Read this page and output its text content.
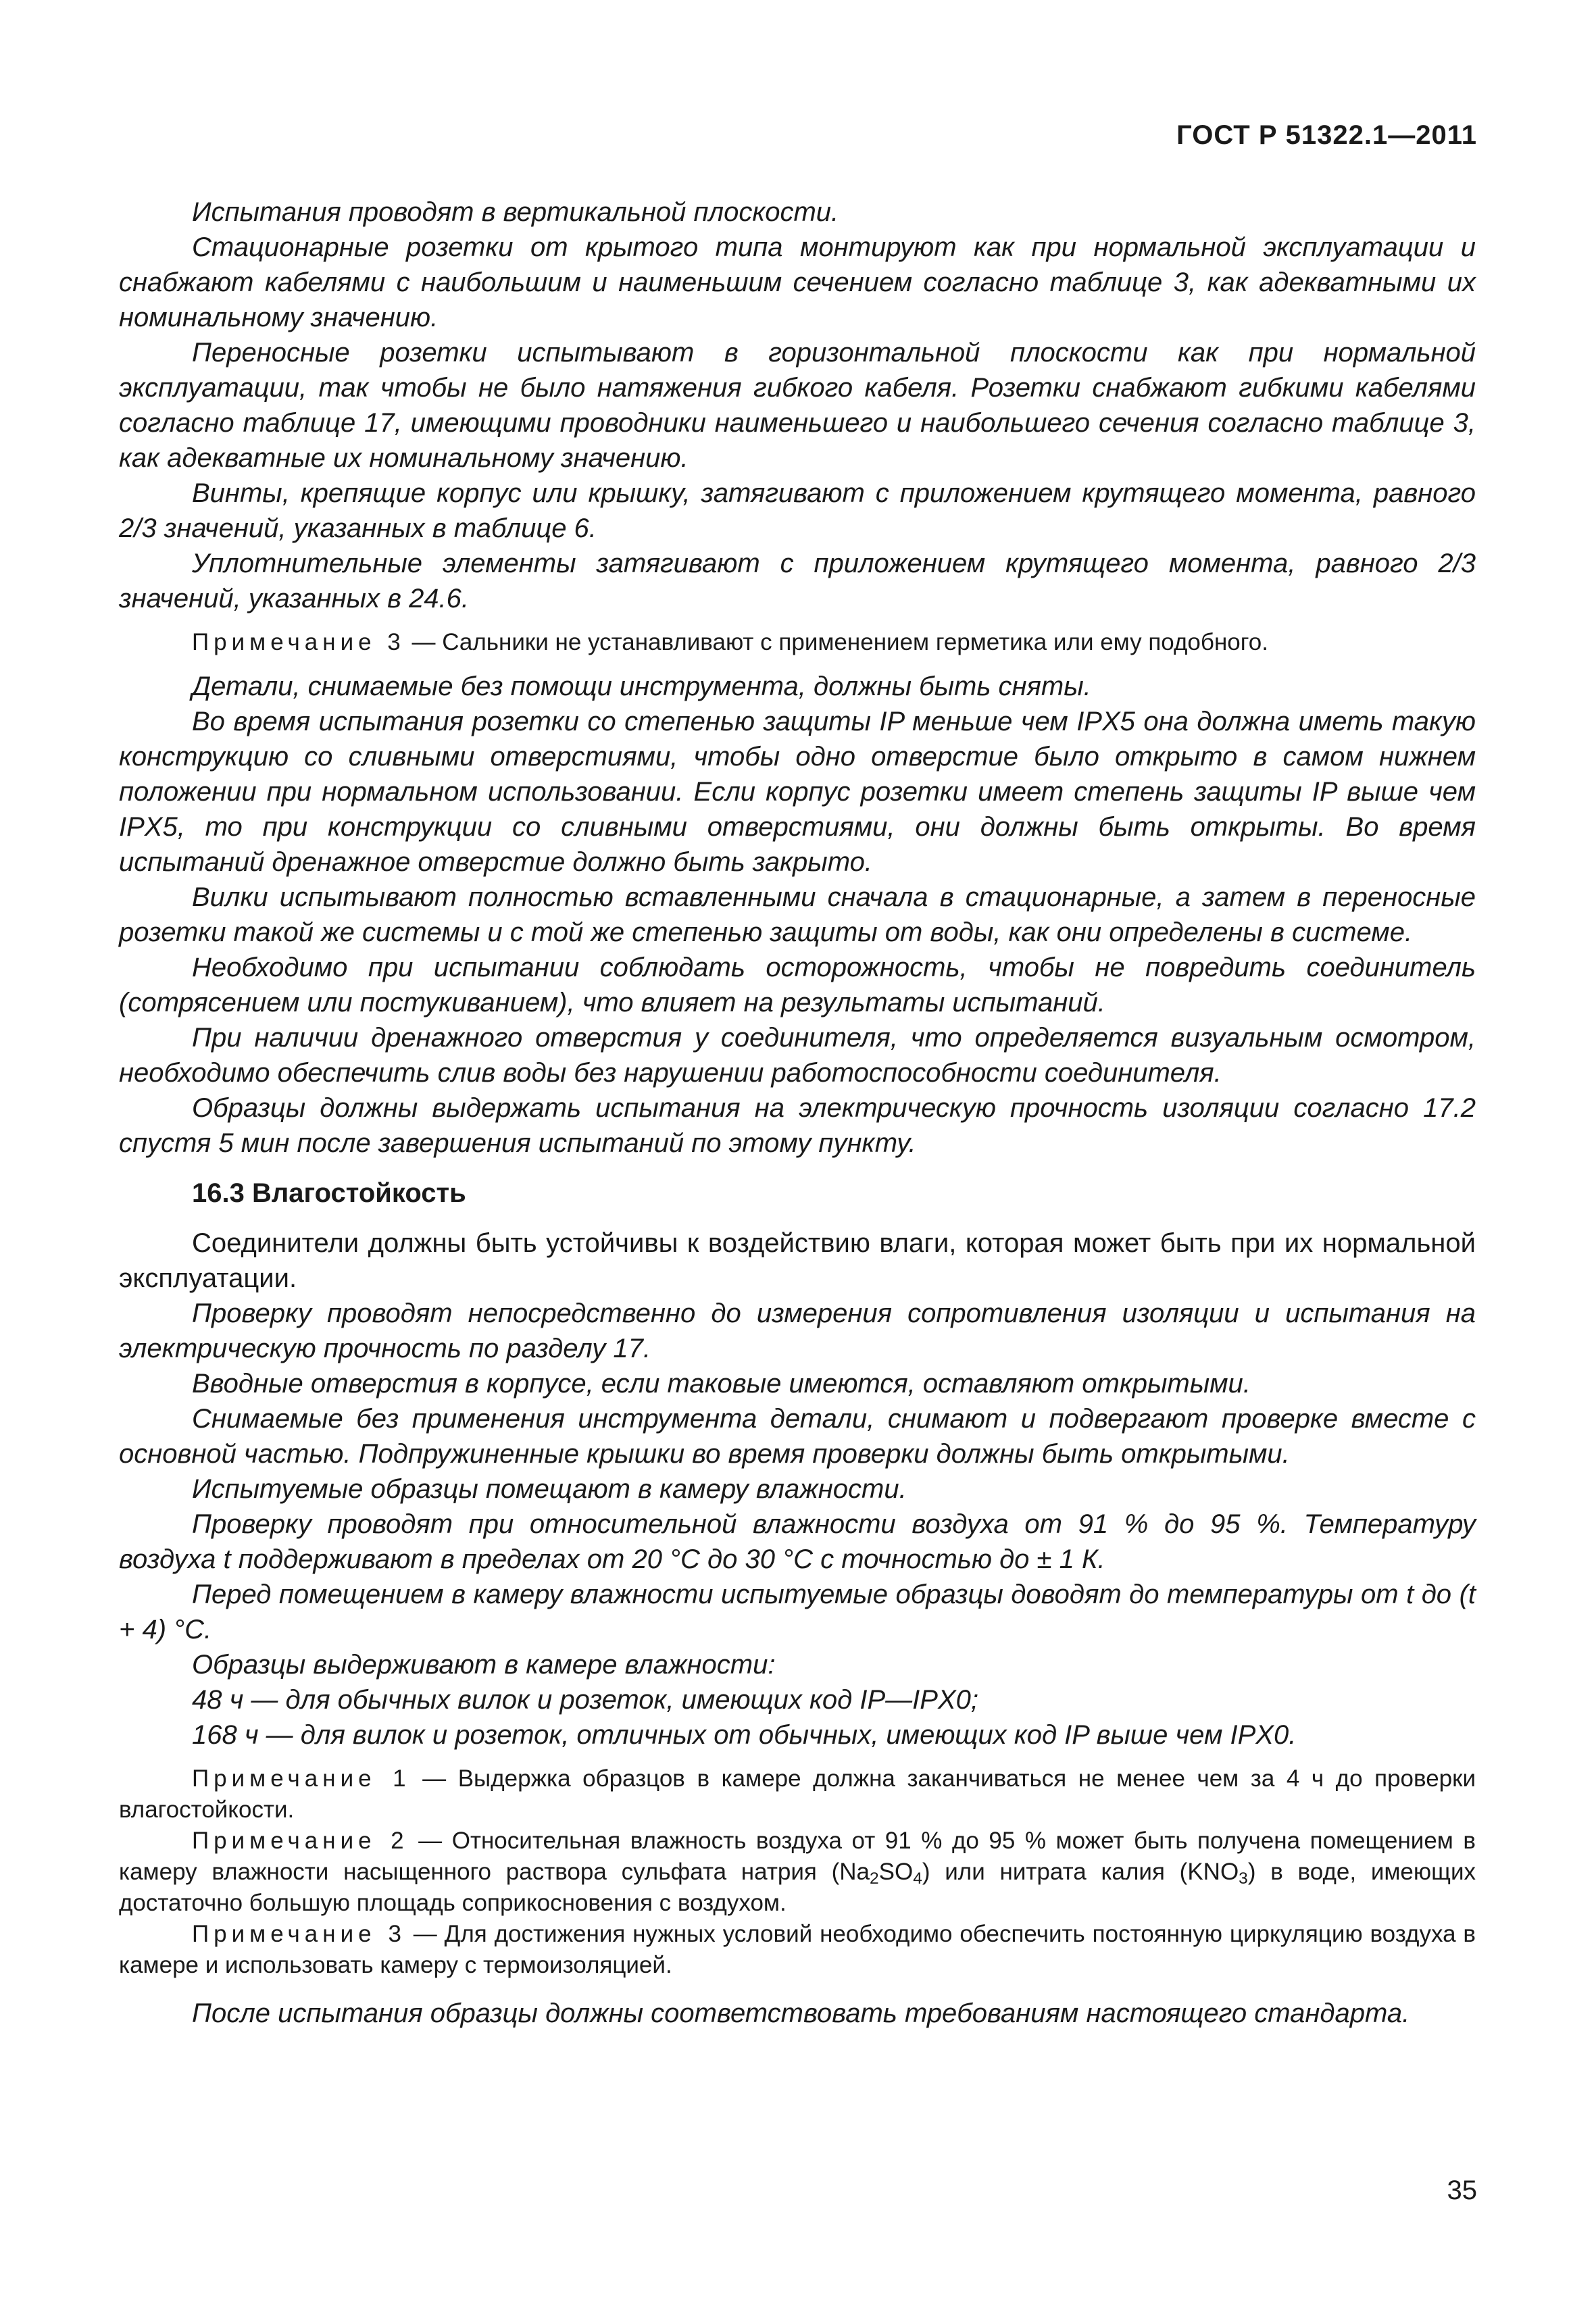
ГОСТ Р 51322.1—2011

Испытания проводят в вертикальной плоскости.

Стационарные розетки от крытого типа монтируют как при нормальной эксплуатации и снабжают кабелями с наибольшим и наименьшим сечением согласно таблице 3, как адекватными их номинальному значению.

Переносные розетки испытывают в горизонтальной плоскости как при нормальной эксплуатации, так чтобы не было натяжения гибкого кабеля. Розетки снабжают гибкими кабелями согласно таблице 17, имеющими проводники наименьшего и наибольшего сечения согласно таблице 3, как адекватные их номинальному значению.

Винты, крепящие корпус или крышку, затягивают с приложением крутящего момента, равного 2/3 значений, указанных в таблице 6.

Уплотнительные элементы затягивают с приложением крутящего момента, равного 2/3 значений, указанных в 24.6.

Примечание 3 — Сальники не устанавливают с применением герметика или ему подобного.

Детали, снимаемые без помощи инструмента, должны быть сняты.

Во время испытания розетки со степенью защиты IP меньше чем IPX5 она должна иметь такую конструкцию со сливными отверстиями, чтобы одно отверстие было открыто в самом нижнем положении при нормальном использовании. Если корпус розетки имеет степень защиты IP выше чем IPX5, то при конструкции со сливными отверстиями, они должны быть открыты. Во время испытаний дренажное отверстие должно быть закрыто.

Вилки испытывают полностью вставленными сначала в стационарные, а затем в переносные розетки такой же системы и с той же степенью защиты от воды, как они определены в системе.

Необходимо при испытании соблюдать осторожность, чтобы не повредить соединитель (сотрясением или постукиванием), что влияет на результаты испытаний.

При наличии дренажного отверстия у соединителя, что определяется визуальным осмотром, необходимо обеспечить слив воды без нарушении работоспособности соединителя.

Образцы должны выдержать испытания на электрическую прочность изоляции согласно 17.2 спустя 5 мин после завершения испытаний по этому пункту.

16.3 Влагостойкость

Соединители должны быть устойчивы к воздействию влаги, которая может быть при их нормальной эксплуатации.

Проверку проводят непосредственно до измерения сопротивления изоляции и испытания на электрическую прочность по разделу 17.

Вводные отверстия в корпусе, если таковые имеются, оставляют открытыми.

Снимаемые без применения инструмента детали, снимают и подвергают проверке вместе с основной частью. Подпружиненные крышки во время проверки должны быть открытыми.

Испытуемые образцы помещают в камеру влажности.

Проверку проводят при относительной влажности воздуха от 91 % до 95 %. Температуру воздуха t поддерживают в пределах от 20 °С до 30 °С с точностью до ± 1 К.

Перед помещением в камеру влажности испытуемые образцы доводят до температуры от t до (t + 4) °С.

Образцы выдерживают в камере влажности:

48 ч — для обычных вилок и розеток, имеющих код IP—IPX0;

168 ч — для вилок и розеток, отличных от обычных, имеющих код IP выше чем IPX0.

Примечание 1 — Выдержка образцов в камере должна заканчиваться не менее чем за 4 ч до проверки влагостойкости.

Примечание 2 — Относительная влажность воздуха от 91 % до 95 % может быть получена помещением в камеру влажности насыщенного раствора сульфата натрия $(Na_2SO_4)$ или нитрата калия $(KNO_3)$ в воде, имеющих достаточно большую площадь соприкосновения с воздухом.

Примечание 3 — Для достижения нужных условий необходимо обеспечить постоянную циркуляцию воздуха в камере и использовать камеру с термоизоляцией.

После испытания образцы должны соответствовать требованиям настоящего стандарта.

35
